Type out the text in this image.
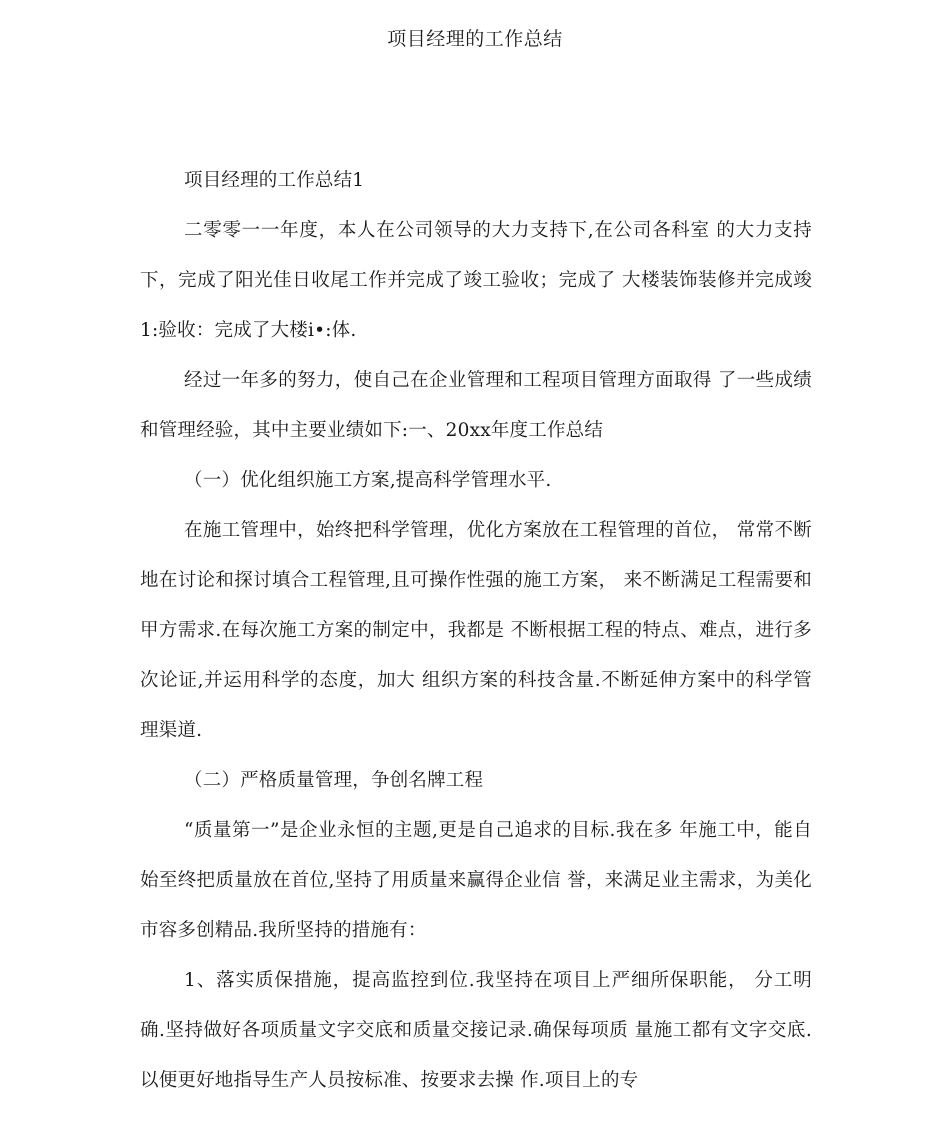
项目经理的工作总结

项目经理的工作总结1

二零零一一年度，本人在公司领导的大力支持下,在公司各科室 的大力支持下，完成了阳光佳日收尾工作并完成了竣工验收；完成了 大楼装饰装修并完成竣1:验收：完成了大楼i•:体.

经过一年多的努力，使自己在企业管理和工程项目管理方面取得 了一些成绩和管理经验，其中主要业绩如下:一、20xx年度工作总结

（一）优化组织施工方案,提高科学管理水平.

在施工管理中，始终把科学管理，优化方案放在工程管理的首位， 常常不断地在讨论和探讨填合工程管理,且可操作性强的施工方案， 来不断满足工程需要和甲方需求.在每次施工方案的制定中，我都是 不断根据工程的特点、难点，进行多次论证,并运用科学的态度，加大 组织方案的科技含量.不断延伸方案中的科学管理渠道.

（二）严格质量管理，争创名牌工程

“质量第一”是企业永恒的主题,更是自己追求的目标.我在多 年施工中，能自始至终把质量放在首位,坚持了用质量来赢得企业信 誉，来满足业主需求，为美化市容多创精品.我所坚持的措施有：

1、落实质保措施，提高监控到位.我坚持在项目上严细所保职能， 分工明确.坚持做好各项质量文字交底和质量交接记录.确保每项质 量施工都有文字交底.以便更好地指导生产人员按标准、按要求去操 作.项目上的专
